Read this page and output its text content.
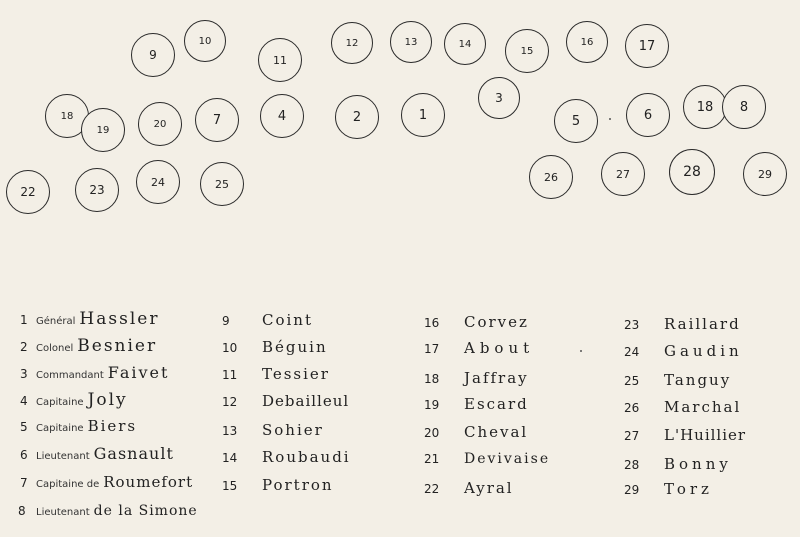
9
10
11
12	13	14
15
16	17
18
19
20	7	4	2	1
3
5	6
18 8
22	23
24	25
26	27	28	29
1 Général Hassler
2 Colonel Besnier
3 Commandant Faivet
4 Capitaine Joly
5 Capitaine Biers
6 Lieutenant Gasnault
7 Capitaine de Roumefort
8	Lieutenant de la Simone
9	Coint
10	Béguin
11	Tessier
12	Debailleul
13	Sohier
14	Roubaudi
15	Portron
16	Corvez
17	About
18	Jaffray
19	Escard
20	Cheval
21	Devivaise
22	Ayral
23	Raillard
24	Gaudin
25	Tanguy
26	Marchal
27	L'Huillier
28	Bonny
29	Torz
